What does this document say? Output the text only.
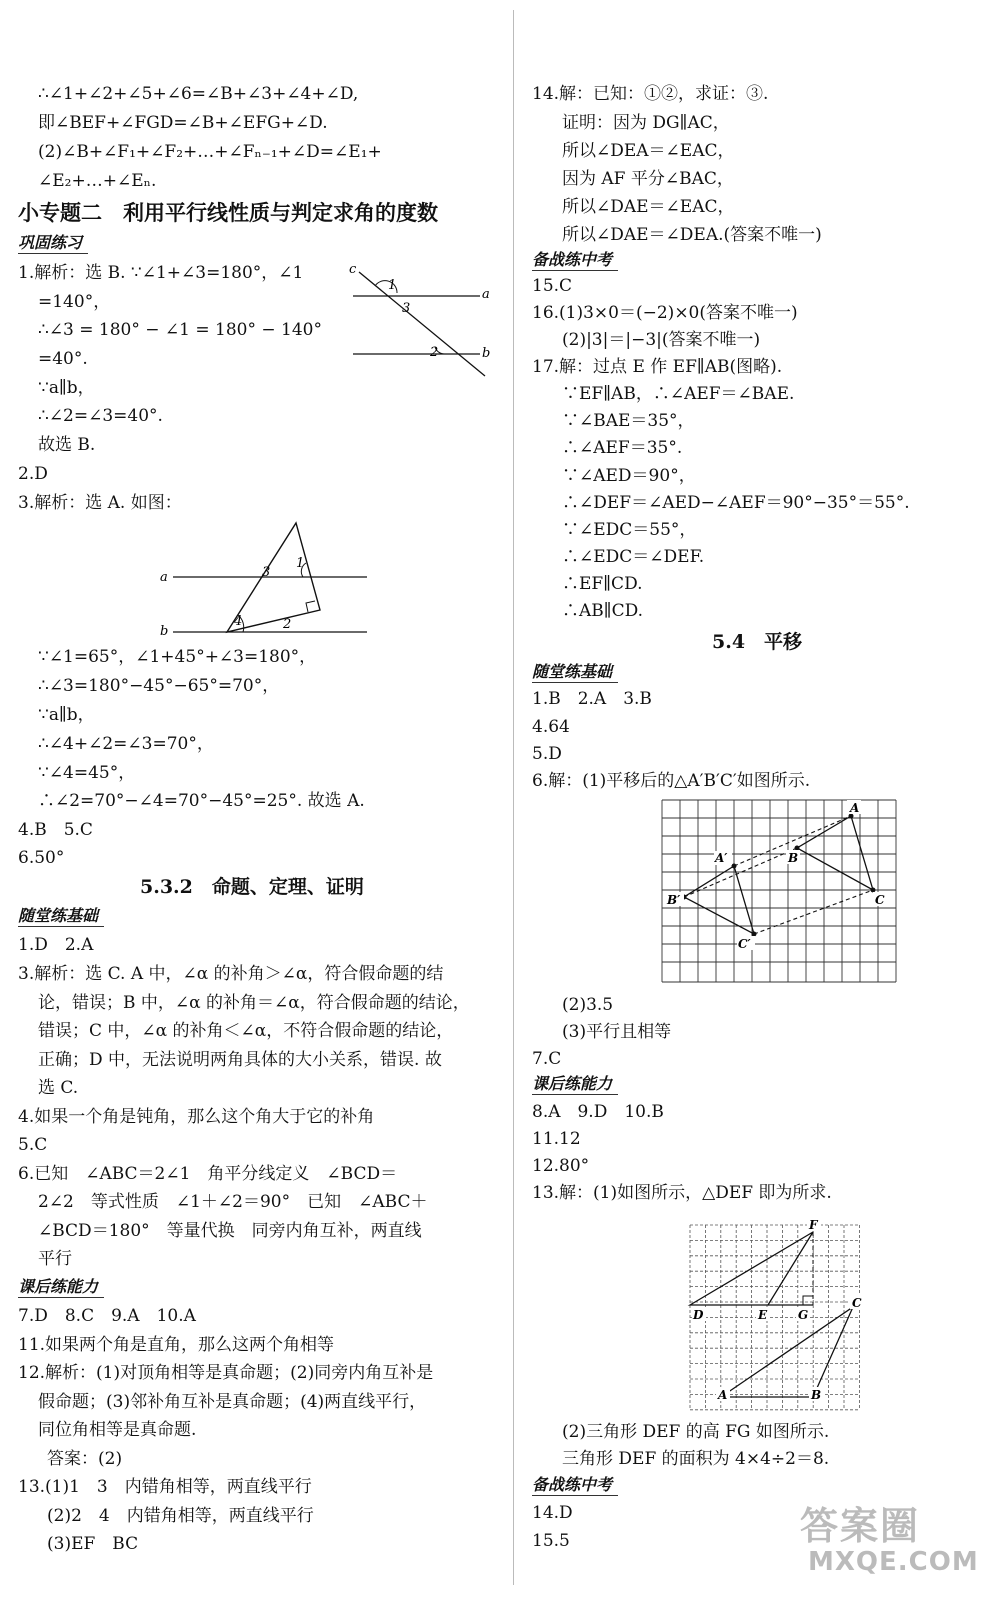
∴∠1+∠2+∠5+∠6=∠B+∠3+∠4+∠D,
即∠BEF+∠FGD=∠B+∠EFG+∠D.
(2)∠B+∠F₁+∠F₂+…+∠Fₙ₋₁+∠D=∠E₁+
∠E₂+…+∠Eₙ.
小专题二　利用平行线性质与判定求角的度数
巩固练习
1.解析：选 B. ∵∠1+∠3=180°，∠1
=140°，
∴∠3 = 180° − ∠1 = 180° − 140°
=40°.
∵a∥b，
∴∠2=∠3=40°.
故选 B.
c
a
b
1
3
2
2.D
3.解析：选 A. 如图：
a
b
1
3
4	2
∵∠1=65°，∠1+45°+∠3=180°，
∴∠3=180°−45°−65°=70°，
∵a∥b，
∴∠4+∠2=∠3=70°，
∵∠4=45°，
∴∠2=70°−∠4=70°−45°=25°. 故选 A.
4.B　5.C
6.50°
5.3.2　命题、定理、证明
随堂练基础
1.D　2.A
3.解析：选 C. A 中，∠α 的补角＞∠α，符合假命题的结
论，错误；B 中，∠α 的补角＝∠α，符合假命题的结论，
错误；C 中，∠α 的补角＜∠α，不符合假命题的结论，
正确；D 中，无法说明两角具体的大小关系，错误. 故
选 C.
4.如果一个角是钝角，那么这个角大于它的补角
5.C
6.已知　∠ABC＝2∠1　角平分线定义　∠BCD＝
2∠2　等式性质　∠1＋∠2＝90°　已知　∠ABC＋
∠BCD＝180°　等量代换　同旁内角互补，两直线
平行
课后练能力
7.D　8.C　9.A　10.A
11.如果两个角是直角，那么这两个角相等
12.解析：(1)对顶角相等是真命题；(2)同旁内角互补是
假命题；(3)邻补角互补是真命题；(4)两直线平行，
同位角相等是真命题.
　答案：(2)
13.(1)1　3　内错角相等，两直线平行
　(2)2　4　内错角相等，两直线平行
　(3)EF　BC
14.解：已知：①②，求证：③.
　证明：因为 DG∥AC，
　所以∠DEA＝∠EAC，
　因为 AF 平分∠BAC，
　所以∠DAE＝∠EAC，
　所以∠DAE＝∠DEA.(答案不唯一)
备战练中考
15.C
16.(1)3×0＝(−2)×0(答案不唯一)
　(2)|3|＝|−3|(答案不唯一)
17.解：过点 E 作 EF∥AB(图略).
　∵EF∥AB，∴∠AEF＝∠BAE.
　∵∠BAE＝35°，
　∴∠AEF＝35°.
　∵∠AED＝90°，
　∴∠DEF＝∠AED−∠AEF＝90°−35°＝55°.
　∵∠EDC＝55°，
　∴∠EDC＝∠DEF.
　∴EF∥CD.
　∴AB∥CD.
5.4　平移
随堂练基础
1.B　2.A　3.B
4.64
5.D
6.解：(1)平移后的△A′B′C′如图所示.
A
B
C
A′
B′
C′
　(2)3.5
　(3)平行且相等
7.C
课后练能力
8.A　9.D　10.B
11.12
12.80°
13.解：(1)如图所示，△DEF 即为所求.
F
D	E	G
C
A	B
　(2)三角形 DEF 的高 FG 如图所示.
　三角形 DEF 的面积为 4×4÷2＝8.
备战练中考
14.D
15.5	答案圈
MXQE.COM
